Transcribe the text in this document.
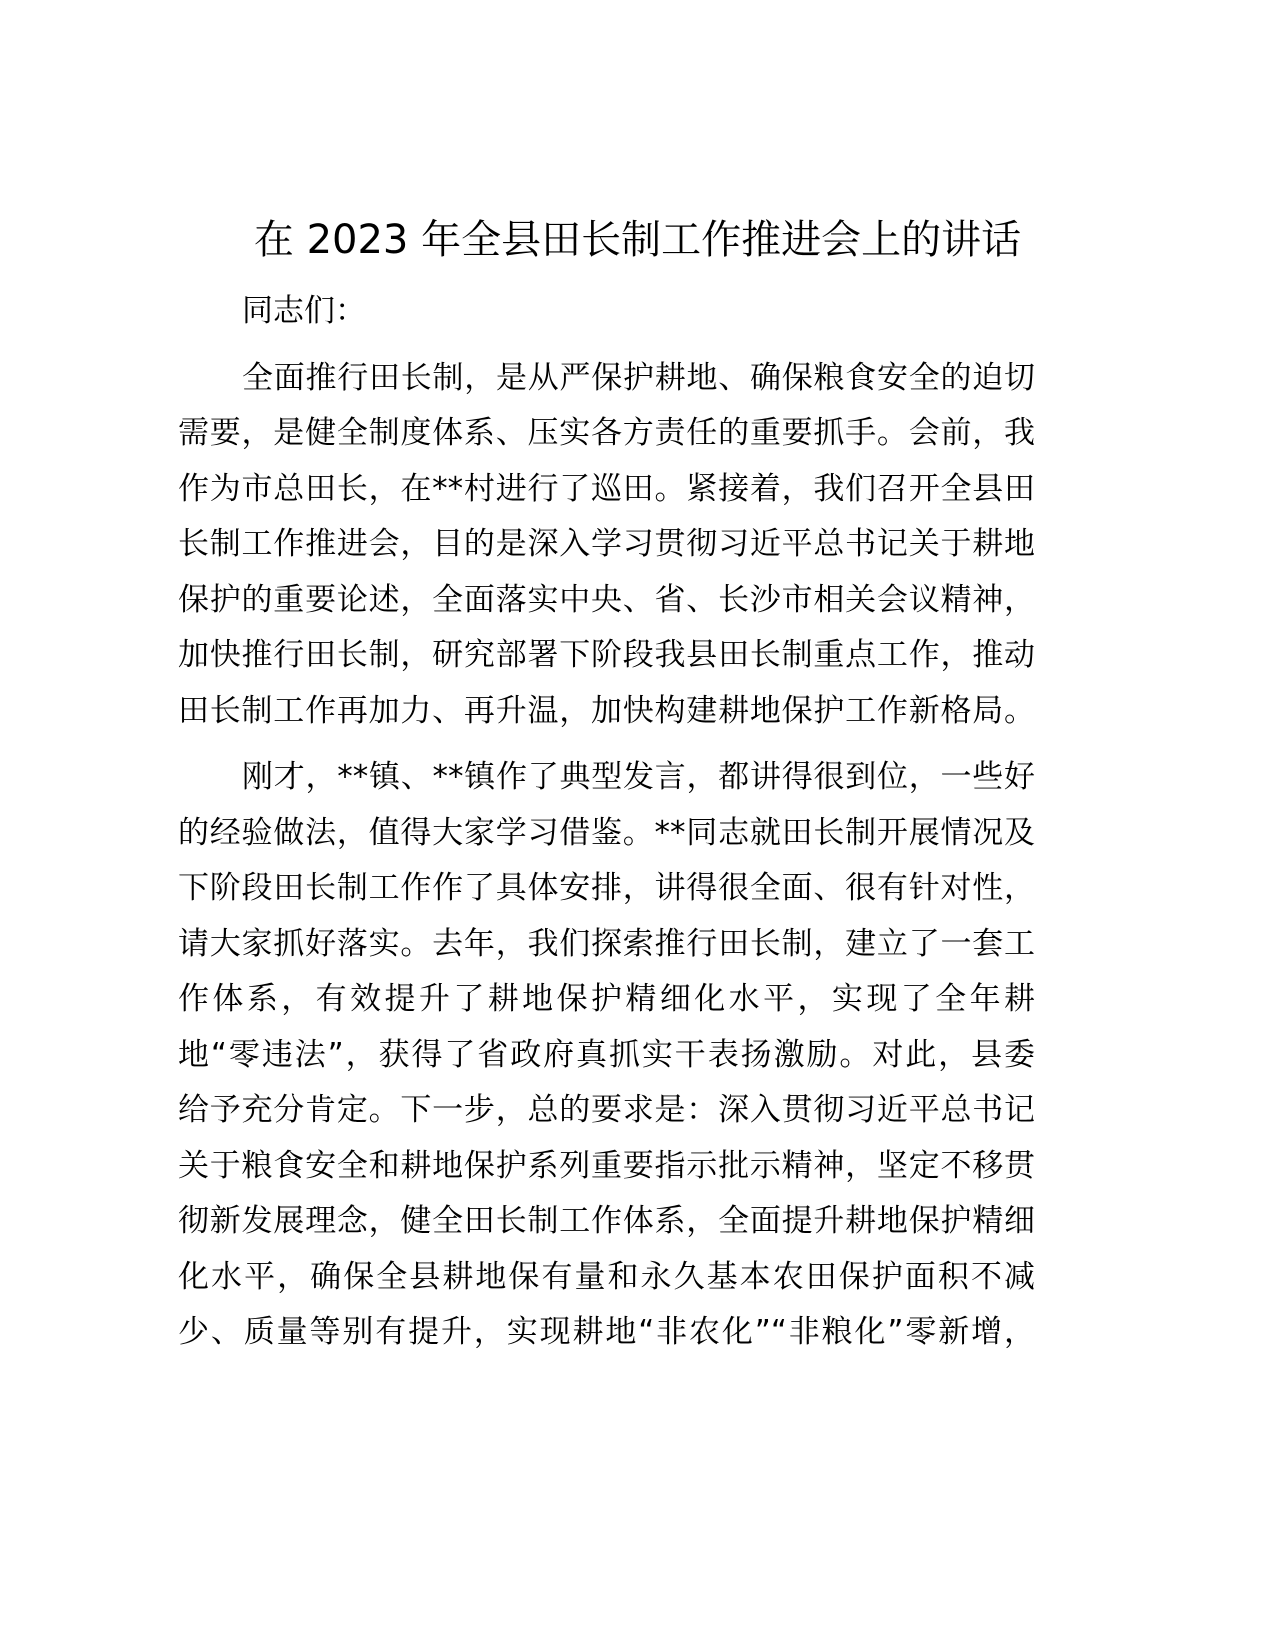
在 2023 年全县田长制工作推进会上的讲话
同志们：
全面推行田长制，是从严保护耕地、确保粮食安全的迫切
需要，是健全制度体系、压实各方责任的重要抓手。会前，我
作为市总田长，在**村进行了巡田。紧接着，我们召开全县田
长制工作推进会，目的是深入学习贯彻习近平总书记关于耕地
保护的重要论述，全面落实中央、省、长沙市相关会议精神，
加快推行田长制，研究部署下阶段我县田长制重点工作，推动
田长制工作再加力、再升温，加快构建耕地保护工作新格局。
刚才，**镇、**镇作了典型发言，都讲得很到位，一些好
的经验做法，值得大家学习借鉴。**同志就田长制开展情况及
下阶段田长制工作作了具体安排，讲得很全面、很有针对性，
请大家抓好落实。去年，我们探索推行田长制，建立了一套工
作体系，有效提升了耕地保护精细化水平，实现了全年耕
地“零违法”，获得了省政府真抓实干表扬激励。对此，县委
给予充分肯定。下一步，总的要求是：深入贯彻习近平总书记
关于粮食安全和耕地保护系列重要指示批示精神，坚定不移贯
彻新发展理念，健全田长制工作体系，全面提升耕地保护精细
化水平，确保全县耕地保有量和永久基本农田保护面积不减
少、质量等别有提升，实现耕地“非农化”“非粮化”零新增，
